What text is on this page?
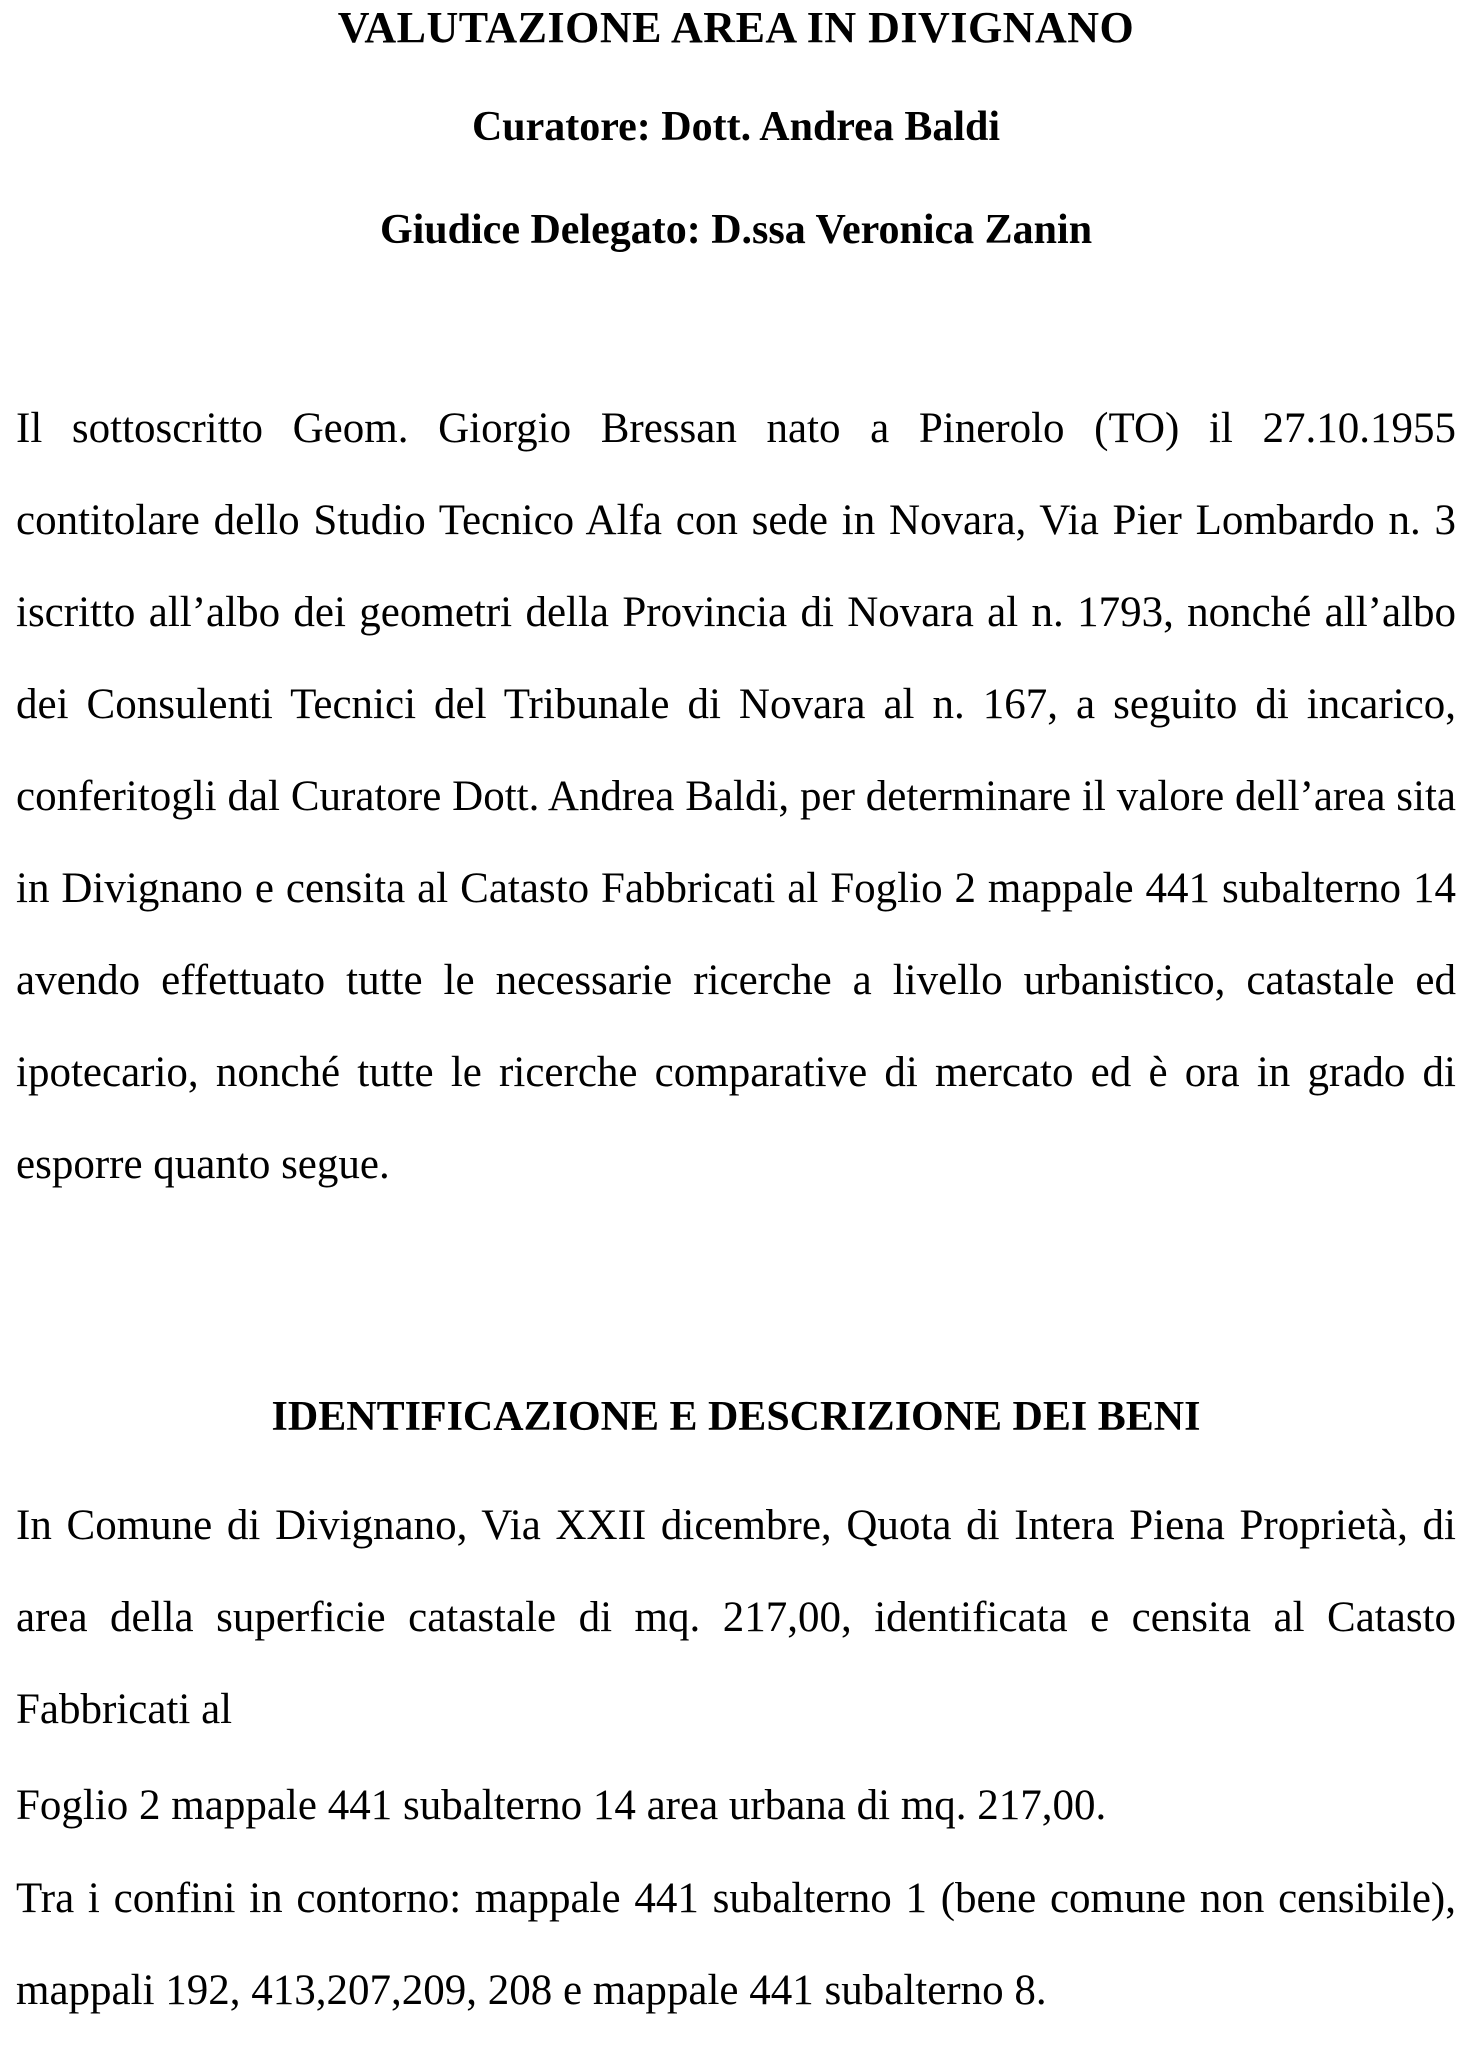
VALUTAZIONE AREA IN DIVIGNANO
Curatore: Dott. Andrea Baldi
Giudice Delegato: D.ssa Veronica Zanin
Il sottoscritto Geom. Giorgio Bressan nato a Pinerolo (TO) il 27.10.1955 contitolare dello Studio Tecnico Alfa con sede in Novara, Via Pier Lombardo n. 3 iscritto all’albo dei geometri della Provincia di Novara al n. 1793, nonché all’albo dei Consulenti Tecnici del Tribunale di Novara al n. 167, a seguito di incarico, conferitogli dal Curatore Dott. Andrea Baldi, per determinare il valore dell’area sita in Divignano e censita al Catasto Fabbricati al Foglio 2 mappale 441 subalterno 14 avendo effettuato tutte le necessarie ricerche a livello urbanistico, catastale ed ipotecario, nonché tutte le ricerche comparative di mercato ed è ora in grado di esporre quanto segue.
IDENTIFICAZIONE E DESCRIZIONE DEI BENI
In Comune di Divignano, Via XXII dicembre, Quota di Intera Piena Proprietà, di area della superficie catastale di mq. 217,00, identificata e censita al Catasto Fabbricati al
Foglio 2 mappale 441 subalterno 14 area urbana di mq. 217,00.
Tra i confini in contorno: mappale 441 subalterno 1 (bene comune non censibile), mappali 192, 413,207,209, 208 e mappale 441 subalterno 8.
